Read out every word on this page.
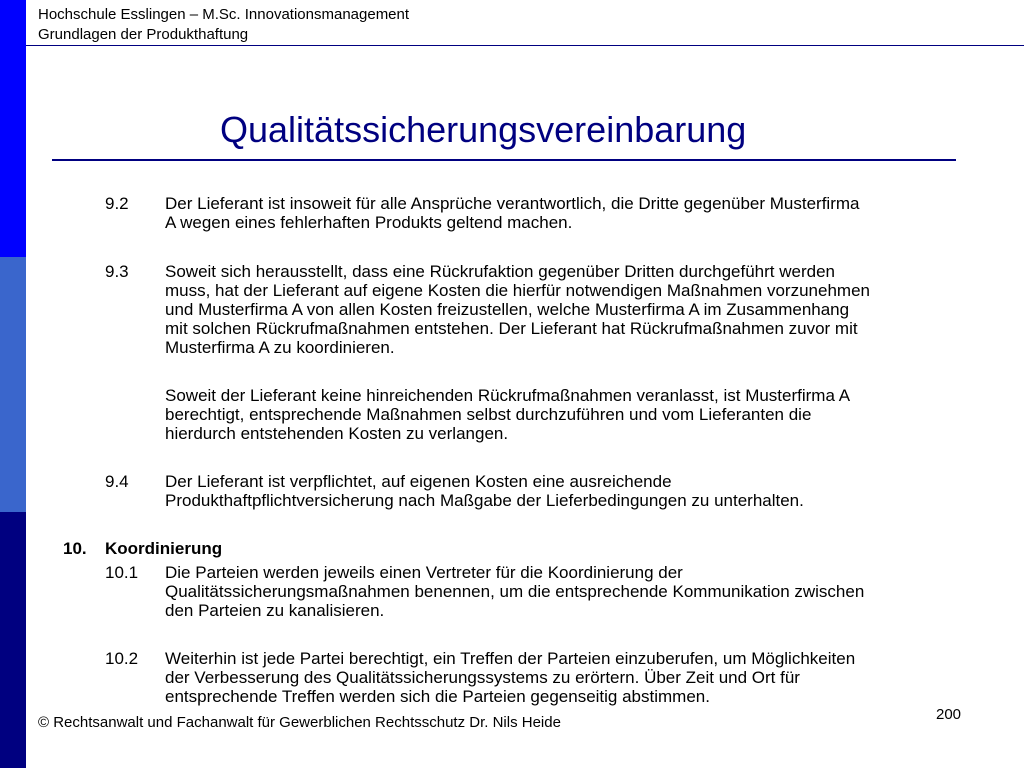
Hochschule Esslingen – M.Sc. Innovationsmanagement
Grundlagen der Produkthaftung
Qualitätssicherungsvereinbarung
9.2	Der Lieferant ist insoweit für alle Ansprüche verantwortlich, die Dritte gegenüber Musterfirma
A wegen eines fehlerhaften Produkts geltend machen.
9.3	Soweit sich herausstellt, dass eine Rückrufaktion gegenüber Dritten durchgeführt werden
muss, hat der Lieferant auf eigene Kosten die hierfür notwendigen Maßnahmen vorzunehmen
und Musterfirma A von allen Kosten freizustellen, welche Musterfirma A im Zusammenhang
mit solchen Rückrufmaßnahmen entstehen. Der Lieferant hat Rückrufmaßnahmen zuvor mit
Musterfirma A zu koordinieren.
Soweit der Lieferant keine hinreichenden Rückrufmaßnahmen veranlasst, ist Musterfirma A
berechtigt, entsprechende Maßnahmen selbst durchzuführen und vom Lieferanten die
hierdurch entstehenden Kosten zu verlangen.
9.4	Der Lieferant ist verpflichtet, auf eigenen Kosten eine ausreichende
Produkthaftpflichtversicherung nach Maßgabe der Lieferbedingungen zu unterhalten.
10. Koordinierung
10.1	Die Parteien werden jeweils einen Vertreter für die Koordinierung der
Qualitätssicherungsmaßnahmen benennen, um die entsprechende Kommunikation zwischen
den Parteien zu kanalisieren.
10.2	Weiterhin ist jede Partei berechtigt, ein Treffen der Parteien einzuberufen, um Möglichkeiten
der Verbesserung des Qualitätssicherungssystems zu erörtern. Über Zeit und Ort für
entsprechende Treffen werden sich die Parteien gegenseitig abstimmen.
200
© Rechtsanwalt und Fachanwalt für Gewerblichen Rechtsschutz Dr. Nils Heide
